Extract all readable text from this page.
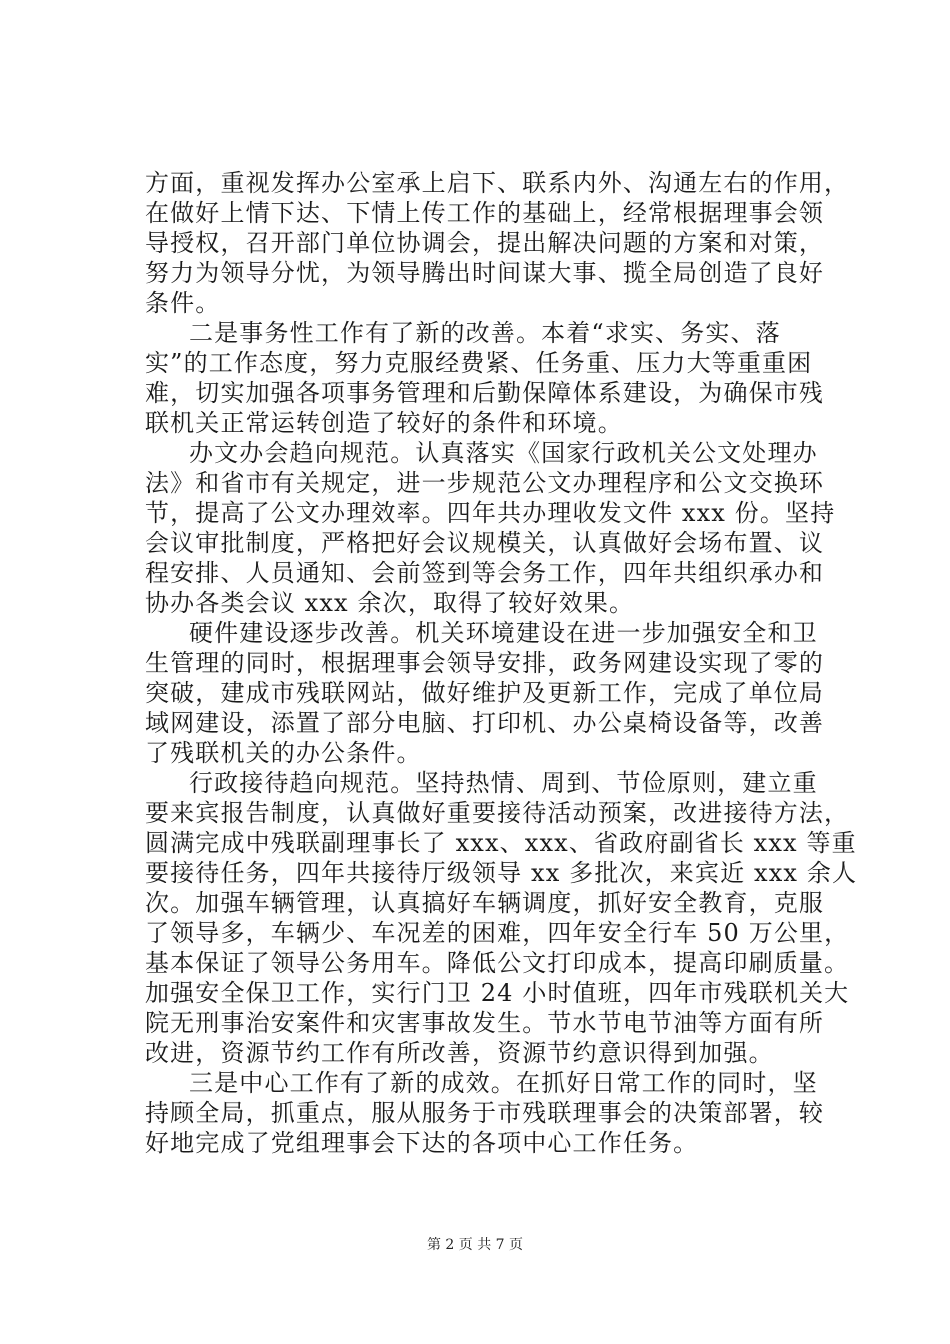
方面，重视发挥办公室承上启下、联系内外、沟通左右的作用，
在做好上情下达、下情上传工作的基础上，经常根据理事会领
导授权，召开部门单位协调会，提出解决问题的方案和对策，
努力为领导分忧，为领导腾出时间谋大事、揽全局创造了良好
条件。
二是事务性工作有了新的改善。本着“求实、务实、落
实”的工作态度，努力克服经费紧、任务重、压力大等重重困
难，切实加强各项事务管理和后勤保障体系建设，为确保市残
联机关正常运转创造了较好的条件和环境。
办文办会趋向规范。认真落实《国家行政机关公文处理办
法》和省市有关规定，进一步规范公文办理程序和公文交换环
节，提高了公文办理效率。四年共办理收发文件 xxx 份。坚持
会议审批制度，严格把好会议规模关，认真做好会场布置、议
程安排、人员通知、会前签到等会务工作，四年共组织承办和
协办各类会议 xxx 余次，取得了较好效果。
硬件建设逐步改善。机关环境建设在进一步加强安全和卫
生管理的同时，根据理事会领导安排，政务网建设实现了零的
突破，建成市残联网站，做好维护及更新工作，完成了单位局
域网建设，添置了部分电脑、打印机、办公桌椅设备等，改善
了残联机关的办公条件。
行政接待趋向规范。坚持热情、周到、节俭原则，建立重
要来宾报告制度，认真做好重要接待活动预案，改进接待方法，
圆满完成中残联副理事长了 xxx、xxx、省政府副省长 xxx 等重
要接待任务，四年共接待厅级领导 xx 多批次，来宾近 xxx 余人
次。加强车辆管理，认真搞好车辆调度，抓好安全教育，克服
了领导多，车辆少、车况差的困难，四年安全行车 50 万公里，
基本保证了领导公务用车。降低公文打印成本，提高印刷质量。
加强安全保卫工作，实行门卫 24 小时值班，四年市残联机关大
院无刑事治安案件和灾害事故发生。节水节电节油等方面有所
改进，资源节约工作有所改善，资源节约意识得到加强。
三是中心工作有了新的成效。在抓好日常工作的同时，坚
持顾全局，抓重点，服从服务于市残联理事会的决策部署，较
好地完成了党组理事会下达的各项中心工作任务。
第 2 页 共 7 页
